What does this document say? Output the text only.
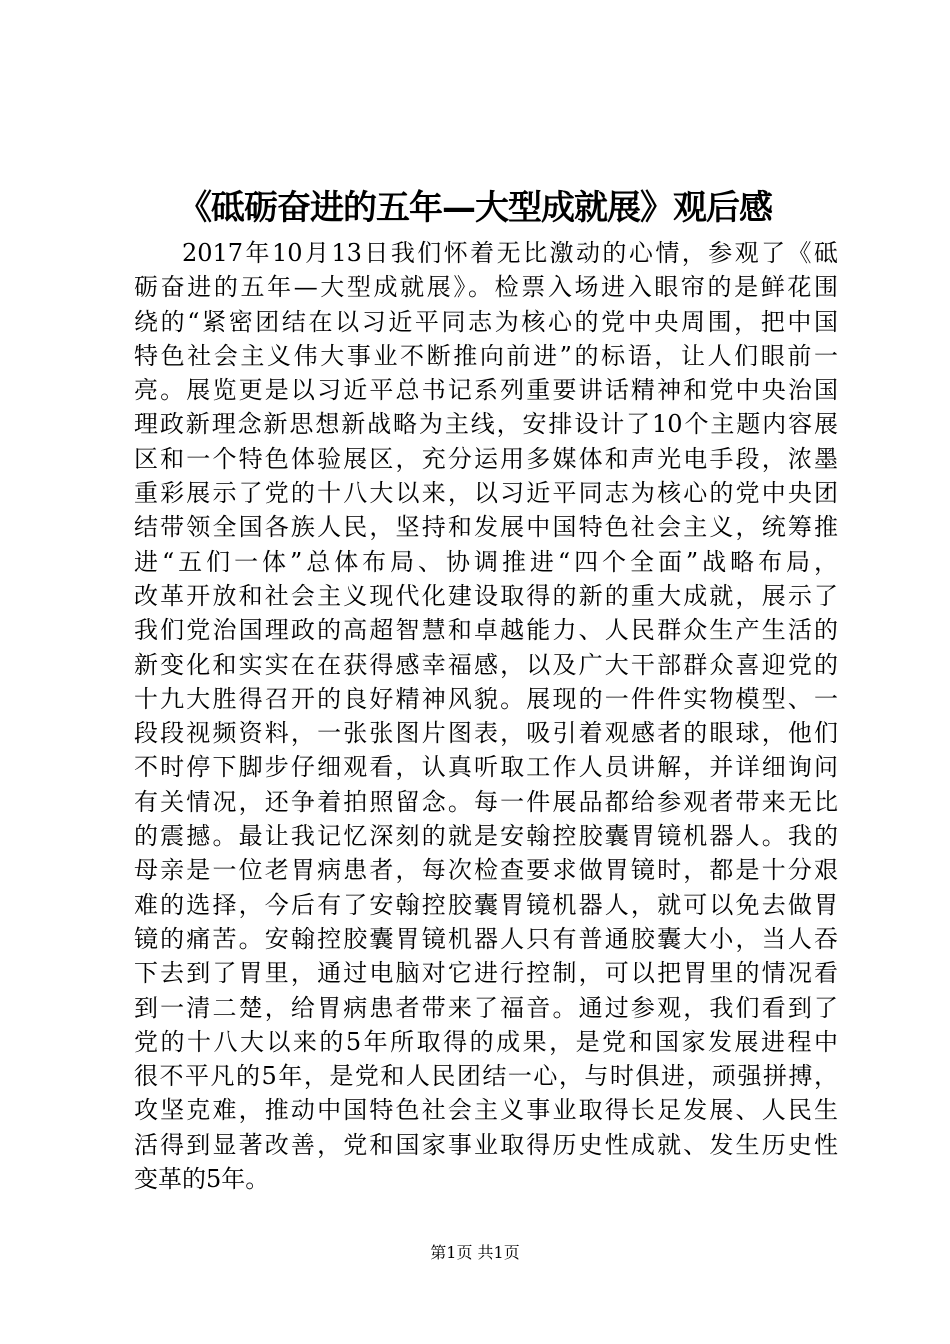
《砥砺奋进的五年—大型成就展》观后感
2017年10月13日我们怀着无比激动的心情，参观了《砥
砺奋进的五年—大型成就展》。检票入场进入眼帘的是鲜花围
绕的“紧密团结在以习近平同志为核心的党中央周围，把中国
特色社会主义伟大事业不断推向前进”的标语，让人们眼前一
亮。展览更是以习近平总书记系列重要讲话精神和党中央治国
理政新理念新思想新战略为主线，安排设计了10个主题内容展
区和一个特色体验展区，充分运用多媒体和声光电手段，浓墨
重彩展示了党的十八大以来，以习近平同志为核心的党中央团
结带领全国各族人民，坚持和发展中国特色社会主义，统筹推
进“五们一体”总体布局、协调推进“四个全面”战略布局，
改革开放和社会主义现代化建设取得的新的重大成就，展示了
我们党治国理政的高超智慧和卓越能力、人民群众生产生活的
新变化和实实在在获得感幸福感，以及广大干部群众喜迎党的
十九大胜得召开的良好精神风貌。展现的一件件实物模型、一
段段视频资料，一张张图片图表，吸引着观感者的眼球，他们
不时停下脚步仔细观看，认真听取工作人员讲解，并详细询问
有关情况，还争着拍照留念。每一件展品都给参观者带来无比
的震撼。最让我记忆深刻的就是安翰控胶囊胃镜机器人。我的
母亲是一位老胃病患者，每次检查要求做胃镜时，都是十分艰
难的选择，今后有了安翰控胶囊胃镜机器人，就可以免去做胃
镜的痛苦。安翰控胶囊胃镜机器人只有普通胶囊大小，当人吞
下去到了胃里，通过电脑对它进行控制，可以把胃里的情况看
到一清二楚，给胃病患者带来了福音。通过参观，我们看到了
党的十八大以来的5年所取得的成果，是党和国家发展进程中
很不平凡的5年，是党和人民团结一心，与时俱进，顽强拼搏，
攻坚克难，推动中国特色社会主义事业取得长足发展、人民生
活得到显著改善，党和国家事业取得历史性成就、发生历史性
变革的5年。
第1页 共1页
